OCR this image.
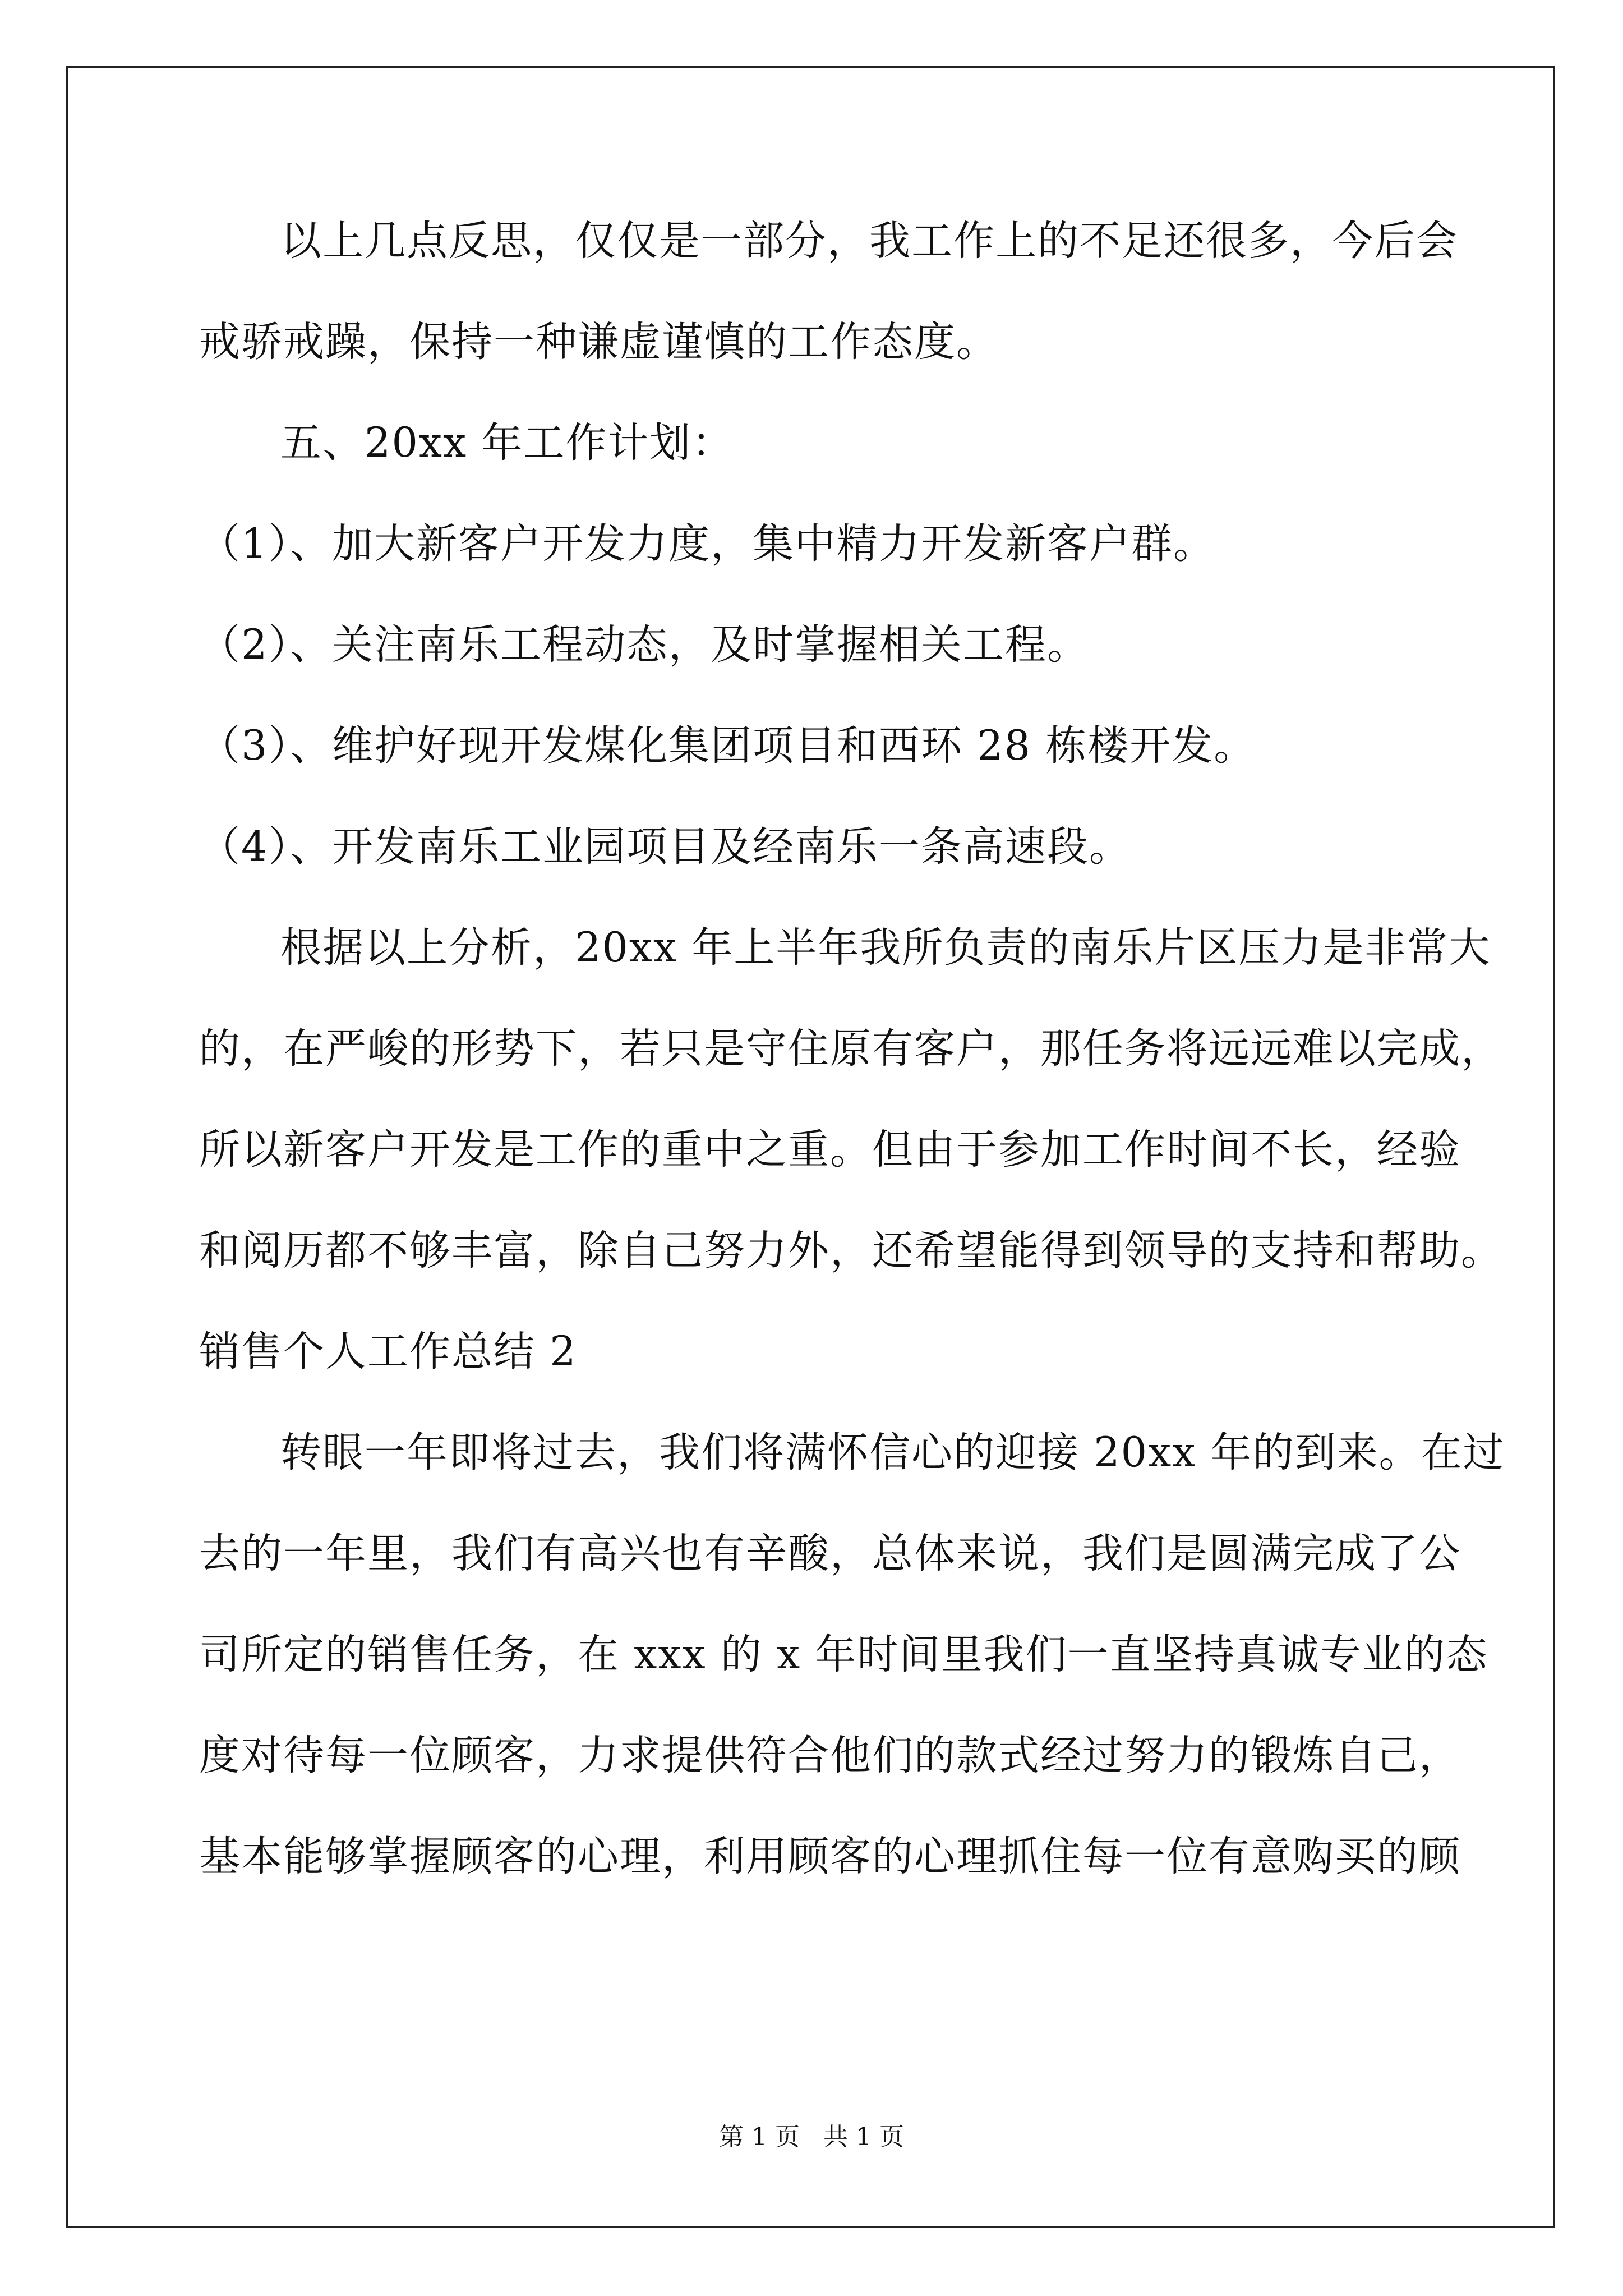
以上几点反思，仅仅是一部分，我工作上的不足还很多，今后会
戒骄戒躁，保持一种谦虚谨慎的工作态度。
五、20xx 年工作计划：
（1）、加大新客户开发力度，集中精力开发新客户群。
（2）、关注南乐工程动态，及时掌握相关工程。
（3）、维护好现开发煤化集团项目和西环 28 栋楼开发。
（4）、开发南乐工业园项目及经南乐一条高速段。
根据以上分析，20xx 年上半年我所负责的南乐片区压力是非常大
的，在严峻的形势下，若只是守住原有客户，那任务将远远难以完成，
所以新客户开发是工作的重中之重。但由于参加工作时间不长，经验
和阅历都不够丰富，除自己努力外，还希望能得到领导的支持和帮助。
销售个人工作总结 2
转眼一年即将过去，我们将满怀信心的迎接 20xx 年的到来。在过
去的一年里，我们有高兴也有辛酸，总体来说，我们是圆满完成了公
司所定的销售任务，在 xxx 的 x 年时间里我们一直坚持真诚专业的态
度对待每一位顾客，力求提供符合他们的款式经过努力的锻炼自己，
基本能够掌握顾客的心理，利用顾客的心理抓住每一位有意购买的顾
第 1 页   共 1 页
